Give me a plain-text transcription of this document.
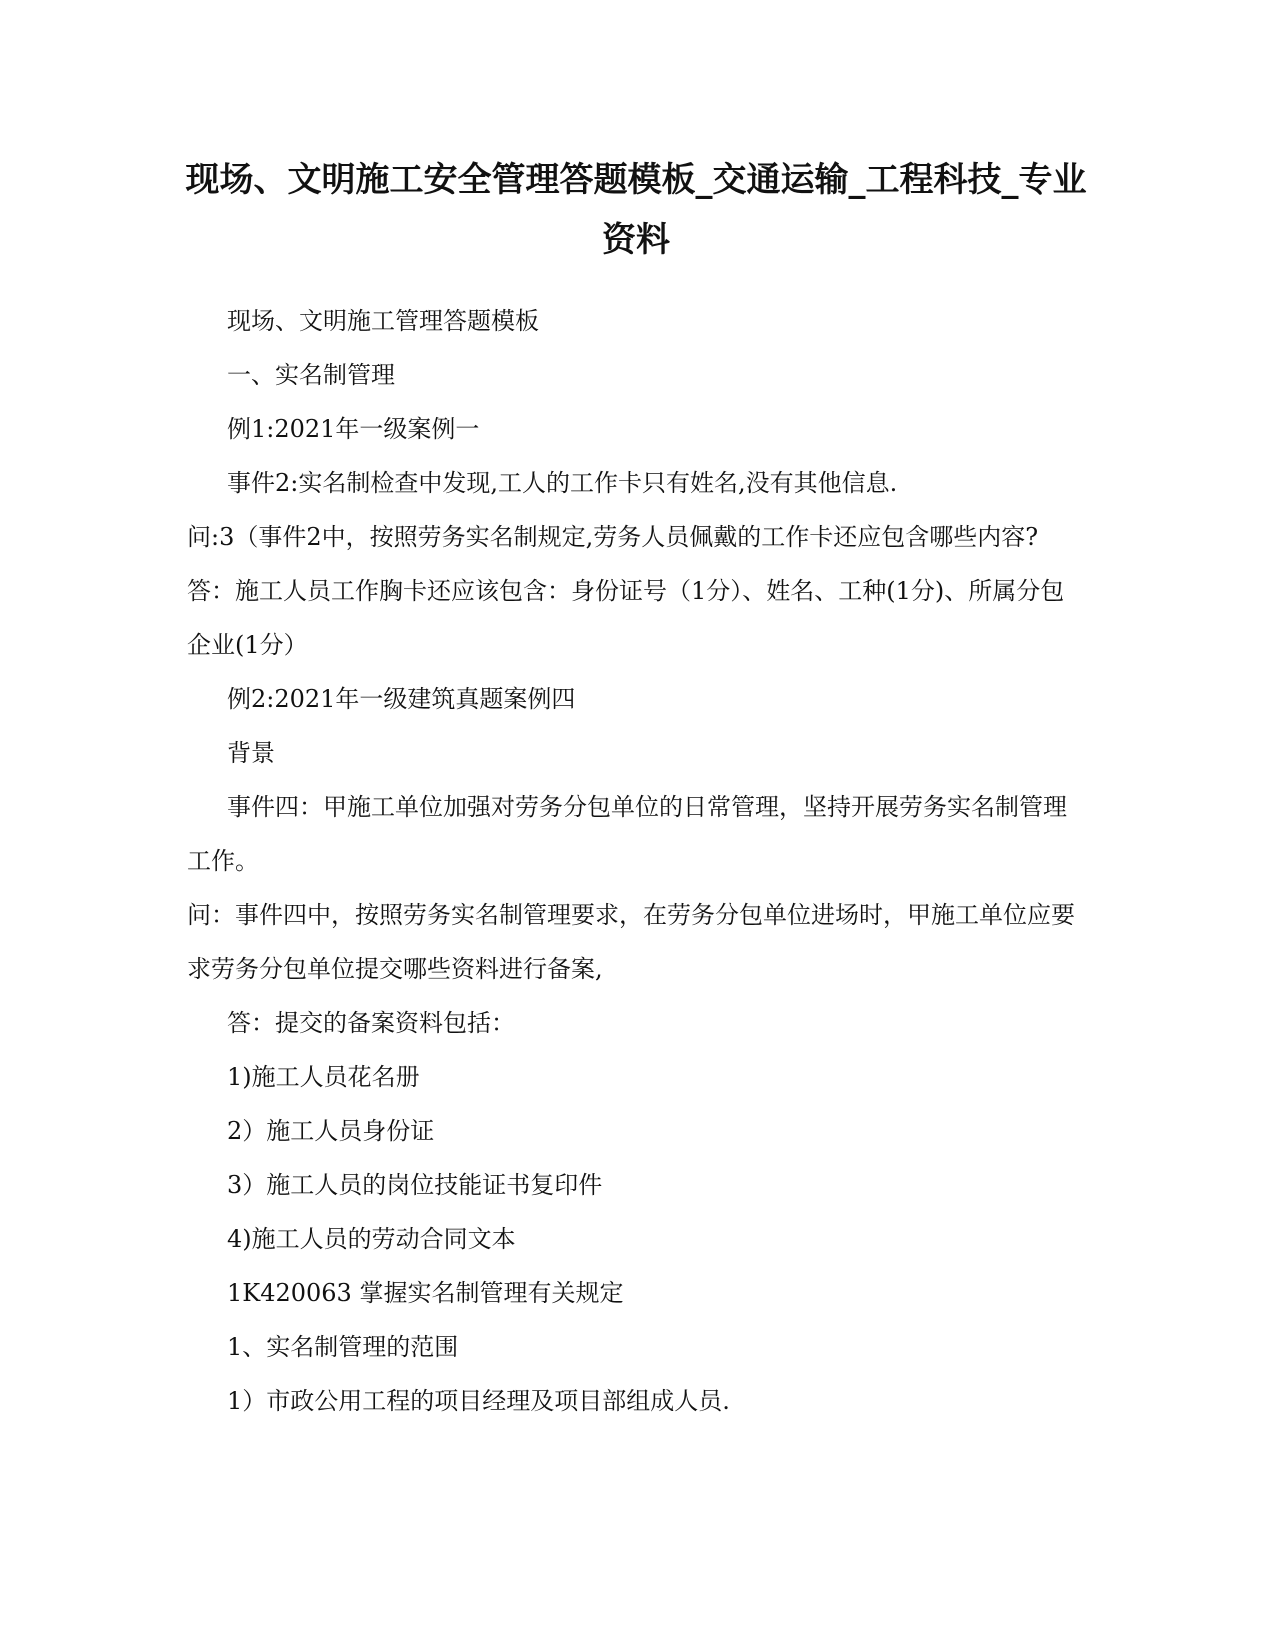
现场、文明施工安全管理答题模板_交通运输_工程科技_专业资料

现场、文明施工管理答题模板

一、实名制管理

例1:2021年一级案例一

事件2:实名制检查中发现,工人的工作卡只有姓名,没有其他信息.

问:3（事件2中，按照劳务实名制规定,劳务人员佩戴的工作卡还应包含哪些内容?

答：施工人员工作胸卡还应该包含：身份证号（1分）、姓名、工种(1分)、所属分包企业(1分）

例2:2021年一级建筑真题案例四

背景

事件四：甲施工单位加强对劳务分包单位的日常管理，坚持开展劳务实名制管理工作。

问：事件四中，按照劳务实名制管理要求，在劳务分包单位进场时，甲施工单位应要求劳务分包单位提交哪些资料进行备案,

答：提交的备案资料包括：

1)施工人员花名册

2）施工人员身份证

3）施工人员的岗位技能证书复印件

4)施工人员的劳动合同文本

1K420063 掌握实名制管理有关规定

1、实名制管理的范围

1）市政公用工程的项目经理及项目部组成人员.
